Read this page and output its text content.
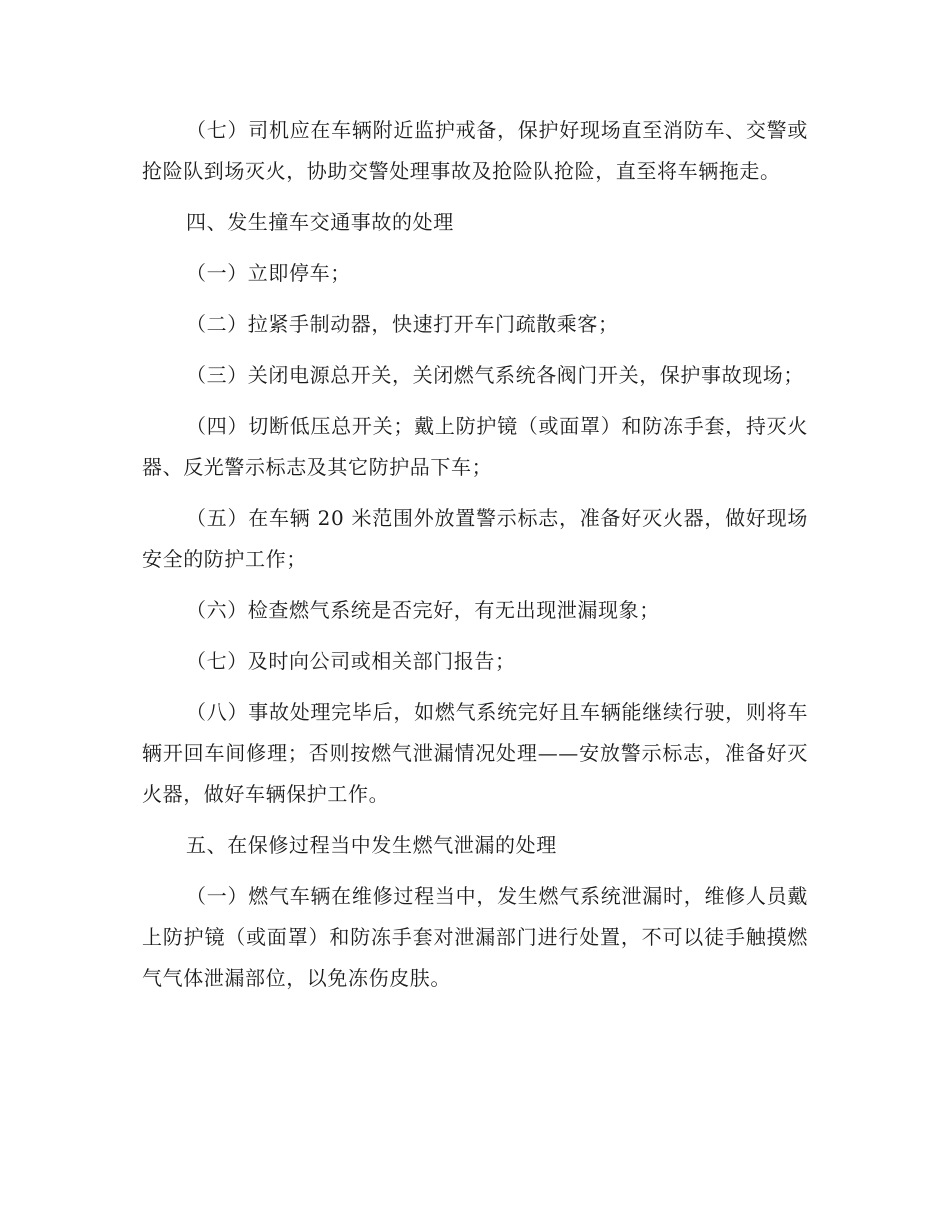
（七）司机应在车辆附近监护戒备，保护好现场直至消防车、交警或抢险队到场灭火，协助交警处理事故及抢险队抢险，直至将车辆拖走。

四、发生撞车交通事故的处理

（一）立即停车；

（二）拉紧手制动器，快速打开车门疏散乘客；

（三）关闭电源总开关，关闭燃气系统各阀门开关，保护事故现场；

（四）切断低压总开关；戴上防护镜（或面罩）和防冻手套，持灭火器、反光警示标志及其它防护品下车；

（五）在车辆 20 米范围外放置警示标志，准备好灭火器，做好现场安全的防护工作；

（六）检查燃气系统是否完好，有无出现泄漏现象；

（七）及时向公司或相关部门报告；

（八）事故处理完毕后，如燃气系统完好且车辆能继续行驶，则将车辆开回车间修理；否则按燃气泄漏情况处理——安放警示标志，准备好灭火器，做好车辆保护工作。

五、在保修过程当中发生燃气泄漏的处理

（一）燃气车辆在维修过程当中，发生燃气系统泄漏时，维修人员戴上防护镜（或面罩）和防冻手套对泄漏部门进行处置，不可以徒手触摸燃气气体泄漏部位，以免冻伤皮肤。
